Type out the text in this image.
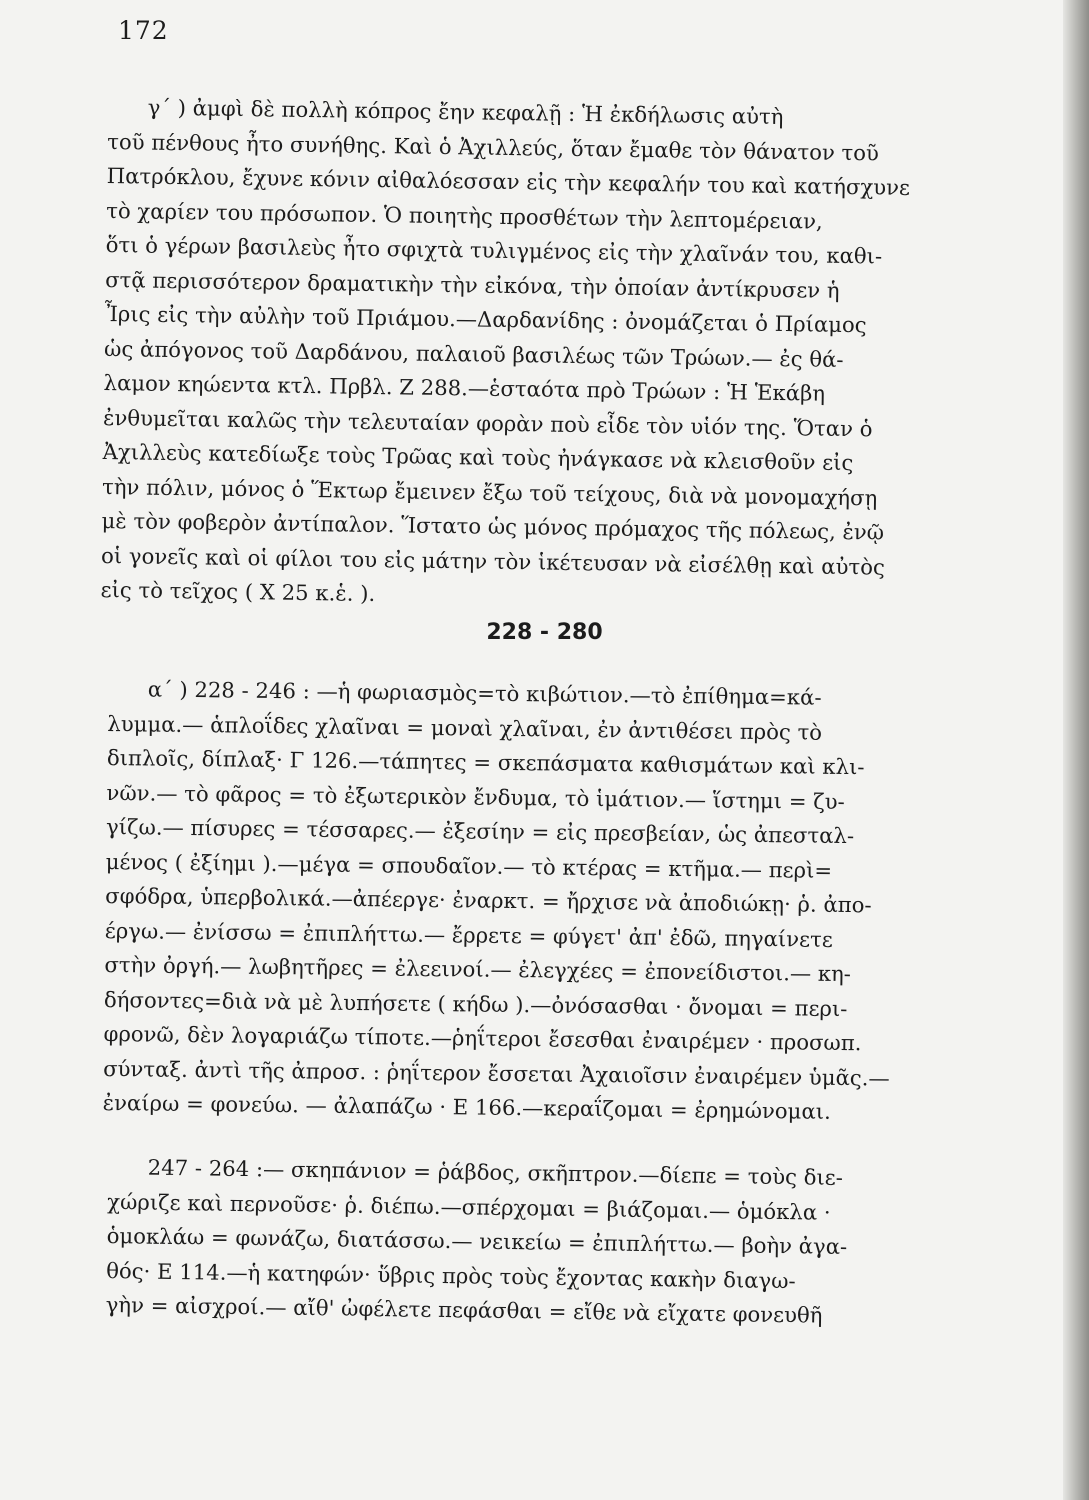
172
γ΄ ) ἀμφὶ δὲ πολλὴ κόπρος ἔην κεφαλῇ : Ἡ ἐκδήλωσις αὐτὴ
τοῦ πένθους ἦτο συνήθης. Καὶ ὁ Ἀχιλλεύς, ὅταν ἔμαθε τὸν θάνατον τοῦ
Πατρόκλου, ἔχυνε κόνιν αἰθαλόεσσαν εἰς τὴν κεφαλήν του καὶ κατήσχυνε
τὸ χαρίεν του πρόσωπον. Ὁ ποιητὴς προσθέτων τὴν λεπτομέρειαν,
ὅτι ὁ γέρων βασιλεὺς ἦτο σφιχτὰ τυλιγμένος εἰς τὴν χλαῖνάν του, καθι-
στᾷ περισσότερον δραματικὴν τὴν εἰκόνα, τὴν ὁποίαν ἀντίκρυσεν ἡ
Ἶρις εἰς τὴν αὐλὴν τοῦ Πριάμου.—Δαρδανίδης : ὀνομάζεται ὁ Πρίαμος
ὡς ἀπόγονος τοῦ Δαρδάνου, παλαιοῦ βασιλέως τῶν Τρώων.— ἐς θά-
λαμον κηώεντα κτλ. Πρβλ. Ζ 288.—ἑσταότα πρὸ Τρώων : Ἡ Ἑκάβη
ἐνθυμεῖται καλῶς τὴν τελευταίαν φορὰν ποὺ εἶδε τὸν υἱόν της. Ὅταν ὁ
Ἀχιλλεὺς κατεδίωξε τοὺς Τρῶας καὶ τοὺς ἠνάγκασε νὰ κλεισθοῦν εἰς
τὴν πόλιν, μόνος ὁ Ἕκτωρ ἔμεινεν ἔξω τοῦ τείχους, διὰ νὰ μονομαχήσῃ
μὲ τὸν φοβερὸν ἀντίπαλον. Ἵστατο ὡς μόνος πρόμαχος τῆς πόλεως, ἐνῷ
οἱ γονεῖς καὶ οἱ φίλοι του εἰς μάτην τὸν ἱκέτευσαν νὰ εἰσέλθῃ καὶ αὐτὸς
εἰς τὸ τεῖχος ( Χ 25 κ.ἑ. ).
228 - 280
α΄ ) 228 - 246 : —ἡ φωριασμὸς=τὸ κιβώτιον.—τὸ ἐπίθημα=κά-
λυμμα.— ἁπλοΐδες χλαῖναι = μοναὶ χλαῖναι, ἐν ἀντιθέσει πρὸς τὸ
διπλοῖς, δίπλαξ· Γ 126.—τάπητες = σκεπάσματα καθισμάτων καὶ κλι-
νῶν.— τὸ φᾶρος = τὸ ἐξωτερικὸν ἔνδυμα, τὸ ἱμάτιον.— ἵστημι = ζυ-
γίζω.— πίσυρες = τέσσαρες.— ἐξεσίην = εἰς πρεσβείαν, ὡς ἀπεσταλ-
μένος ( ἐξίημι ).—μέγα = σπουδαῖον.— τὸ κτέρας = κτῆμα.— περὶ=
σφόδρα, ὑπερβολικά.—ἀπέεργε· ἐναρκτ. = ἤρχισε νὰ ἀποδιώκῃ· ῥ. ἀπο-
έργω.— ἐνίσσω = ἐπιπλήττω.— ἔρρετε = φύγετ' ἀπ' ἐδῶ, πηγαίνετε
στὴν ὀργή.— λωβητῆρες = ἐλεεινοί.— ἐλεγχέες = ἐπονείδιστοι.— κη-
δήσοντες=διὰ νὰ μὲ λυπήσετε ( κήδω ).—ὀνόσασθαι · ὄνομαι = περι-
φρονῶ, δὲν λογαριάζω τίποτε.—ῥηΐτεροι ἔσεσθαι ἐναιρέμεν · προσωπ.
σύνταξ. ἀντὶ τῆς ἀπροσ. : ῥηΐτερον ἔσσεται Ἀχαιοῖσιν ἐναιρέμεν ὑμᾶς.—
ἐναίρω = φονεύω. — ἀλαπάζω · Ε 166.—κεραΐζομαι = ἐρημώνομαι.
247 - 264 :— σκηπάνιον = ῥάβδος, σκῆπτρον.—δίεπε = τοὺς διε-
χώριζε καὶ περνοῦσε· ῥ. διέπω.—σπέρχομαι = βιάζομαι.— ὁμόκλα ·
ὁμοκλάω = φωνάζω, διατάσσω.— νεικείω = ἐπιπλήττω.— βοὴν ἀγα-
θός· Ε 114.—ἡ κατηφών· ὕβρις πρὸς τοὺς ἔχοντας κακὴν διαγω-
γὴν = αἰσχροί.— αἴθ' ὠφέλετε πεφάσθαι = εἴθε νὰ εἴχατε φονευθῆ
